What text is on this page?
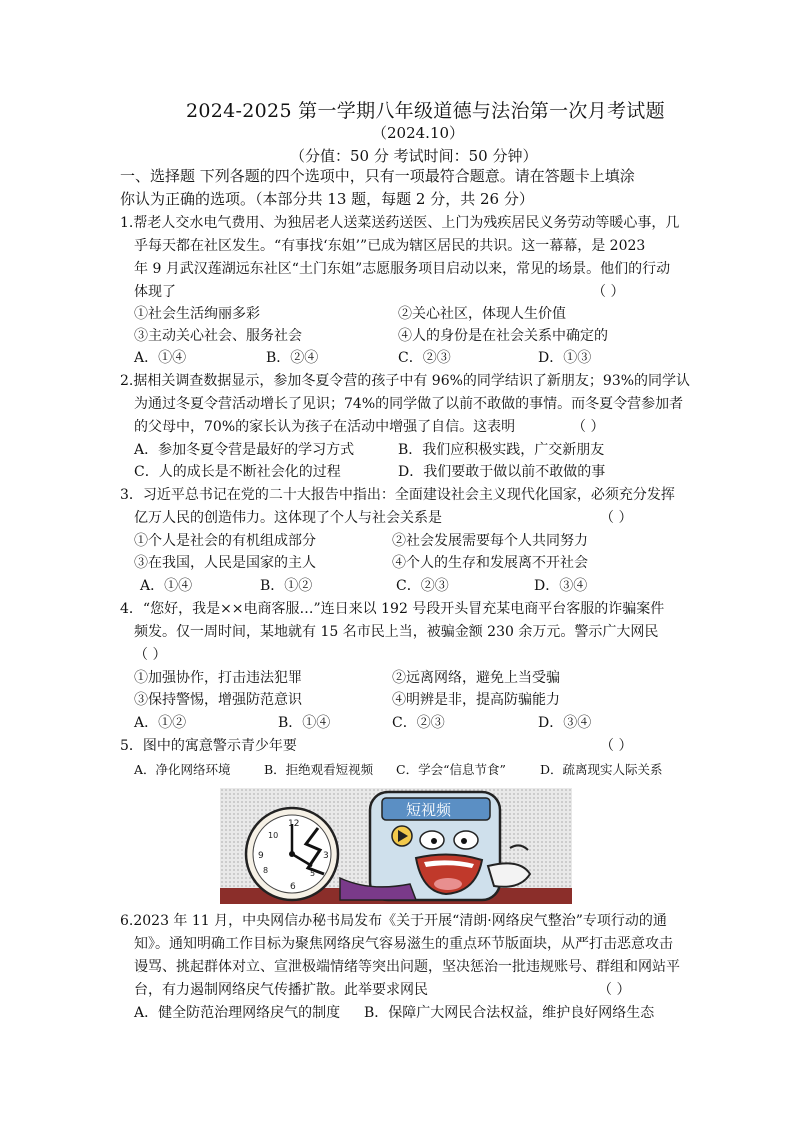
2024-2025 第一学期八年级道德与法治第一次月考试题
（2024.10）
（分值：50 分 考试时间：50 分钟）
一、选择题 下列各题的四个选项中，只有一项最符合题意。请在答题卡上填涂
你认为正确的选项。（本部分共 13 题，每题 2 分，共 26 分）
1.帮老人交水电气费用、为独居老人送菜送药送医、上门为残疾居民义务劳动等暖心事，几
乎每天都在社区发生。“有事找‘东姐’”已成为辖区居民的共识。这一幕幕，是 2023
年 9 月武汉莲湖远东社区“土门东姐”志愿服务项目启动以来，常见的场景。他们的行动
体现了	（ ）
①社会生活绚丽多彩	②关心社区，体现人生价值
③主动关心社会、服务社会	④人的身份是在社会关系中确定的
A．①④	B．②④	C．②③	D．①③
2.据相关调查数据显示，参加冬夏令营的孩子中有 96%的同学结识了新朋友；93%的同学认
为通过冬夏令营活动增长了见识；74%的同学做了以前不敢做的事情。而冬夏令营参加者
的父母中，70%的家长认为孩子在活动中增强了自信。这表明	（ ）
A．参加冬夏令营是最好的学习方式	B．我们应积极实践，广交新朋友
C．人的成长是不断社会化的过程	D．我们要敢于做以前不敢做的事
3．习近平总书记在党的二十大报告中指出：全面建设社会主义现代化国家，必须充分发挥
亿万人民的创造伟力。这体现了个人与社会关系是	（ ）
①个人是社会的有机组成部分	②社会发展需要每个人共同努力
③在我国，人民是国家的主人	④个人的生存和发展离不开社会
A．①④	B．①②	C．②③	D．③④
4．“您好，我是××电商客服…”连日来以 192 号段开头冒充某电商平台客服的诈骗案件
频发。仅一周时间，某地就有 15 名市民上当，被骗金额 230 余万元。警示广大网民
（ ）
①加强协作，打击违法犯罪	②远离网络，避免上当受骗
③保持警惕，增强防范意识	④明辨是非，提高防骗能力
A．①②	B．①④	C．②③	D．③④
5．图中的寓意警示青少年要	（ ）
A．净化网络环境	B．拒绝观看短视频 C．学会“信息节食”	D．疏离现实人际关系
12
3
6
9
10
8	5
短视频
6.2023 年 11 月，中央网信办秘书局发布《关于开展“清朗·网络戾气整治”专项行动的通
知》。通知明确工作目标为聚焦网络戾气容易滋生的重点环节版面块，从严打击恶意攻击
谩骂、挑起群体对立、宣泄极端情绪等突出问题，坚决惩治一批违规账号、群组和网站平
台，有力遏制网络戾气传播扩散。此举要求网民	（ ）
A．健全防范治理网络戾气的制度 B．保障广大网民合法权益，维护良好网络生态
